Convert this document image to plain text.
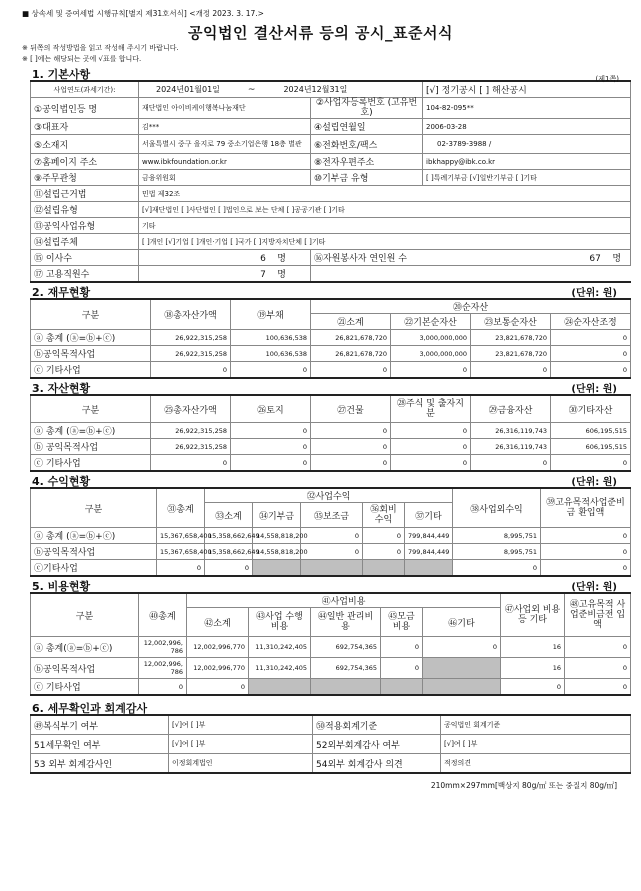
■ 상속세 및 증여세법 시행규칙[별지 제31호서식] <개정 2023. 3. 17.>
공익법인 결산서류 등의 공시_표준서식
※ 뒤쪽의 작성방법을 읽고 작성해 주시기 바랍니다.
※ [ ]에는 해당되는 곳에 √표를 합니다.
(제1쪽)
1. 기본사항
사업연도(과세기간):	2024년01월01일 ~ 2024년12월31일		[√] 정기공시 [ ] 해산공시
①공익법인등 명	재단법인 아이비케이행복나눔재단	②사업자등록번호 (고유번호)	104-82-095**
③대표자	김***	④설립연월일	2006-03-28
⑤소재지	서울특별시 중구 을지로 79 중소기업은행 18층 별관	⑥전화번호/팩스	02-3789-3988 /
⑦홈페이지 주소	www.ibkfoundation.or.kr	⑧전자우편주소	ibkhappy@ibk.co.kr
⑨주무관청	금융위원회	⑩기부금 유형	[ ]특례기부금 [√]일반기부금 [ ]기타
⑪설립근거법	민법 제32조		
⑫설립유형	[√]재단법인 [ ]사단법인 [ ]법인으로 보는 단체 [ ]공공기관 [ ]기타		
⑬공익사업유형	기타		
⑭설립주체	[ ]개인 [√]기업 [ ]개인·기업 [ ]국가 [ ]지방자치단체 [ ]기타		
⑮ 이사수	6 명	⑯자원봉사자 연인원 수 67 명	

⑰ 고용직원수	7 명		
2. 재무현황	(단위: 원)
구분	⑱총자산가액	⑲부채	⑳순자산			
			㉑소계	㉒기본순자산	㉓보통순자산	㉔순자산조정
ⓐ 총계 (ⓐ=ⓑ+ⓒ)	26,922,315,258	100,636,538	26,821,678,720	3,000,000,000	23,821,678,720	0
ⓑ공익목적사업	26,922,315,258	100,636,538	26,821,678,720	3,000,000,000	23,821,678,720	0
ⓒ 기타사업	0	0	0	0	0	0
3. 자산현황	(단위: 원)
구분	㉕총자산가액	㉖토지	㉗건물	㉘주식 및 출자지분	㉙금융자산	㉚기타자산
ⓐ 총계 (ⓐ=ⓑ+ⓒ)	26,922,315,258	0	0	0	26,316,119,743	606,195,515
ⓑ 공익목적사업	26,922,315,258	0	0	0	26,316,119,743	606,195,515
ⓒ 기타사업	0	0	0	0	0	0
4. 수익현황	(단위: 원)
구분	㉛총계	㉜사업수익					㊳사업외수익	㊴고유목적사업준비금 환입액
		㉝소계	㉞기부금	㉟보조금	㊱회비 수익	㊲기타		
ⓐ 총계 (ⓐ=ⓑ+ⓒ)	15,367,658,400	15,358,662,649	14,558,818,200	0	0	799,844,449	8,995,751	0
ⓑ공익목적사업	15,367,658,400	15,358,662,649	14,558,818,200	0	0	799,844,449	8,995,751	0
ⓒ기타사업	0	0					0	0
5. 비용현황	(단위: 원)
구분	㊵총계	㊶사업비용					㊼사업외 비용 등 기타	㊽고유목적 사업준비금전 입액
		㊷소계	㊸사업 수행비용	㊹일반 관리비용	㊺모금 비용	㊻기타		
ⓐ 총계(ⓐ=ⓑ+ⓒ)	12,002,996,786	12,002,996,770	11,310,242,405	692,754,365	0	0	16	0
ⓑ공익목적사업	12,002,996,786	12,002,996,770	11,310,242,405	692,754,365	0		16	0
ⓒ 기타사업	0	0					0	0
6. 세무확인과 회계감사
㊾복식부기 여부	[√]여 [ ]부	㊿적용회계기준	공익법인 회계기준
51세무확인 여부	[√]여 [ ]부	52외부회계감사 여부	[√]여 [ ]부
53 외부 회계감사인	이정회계법인	54외부 회계감사 의견	적정의견
210mm×297mm[백상지 80g/㎡ 또는 중질지 80g/㎡]
